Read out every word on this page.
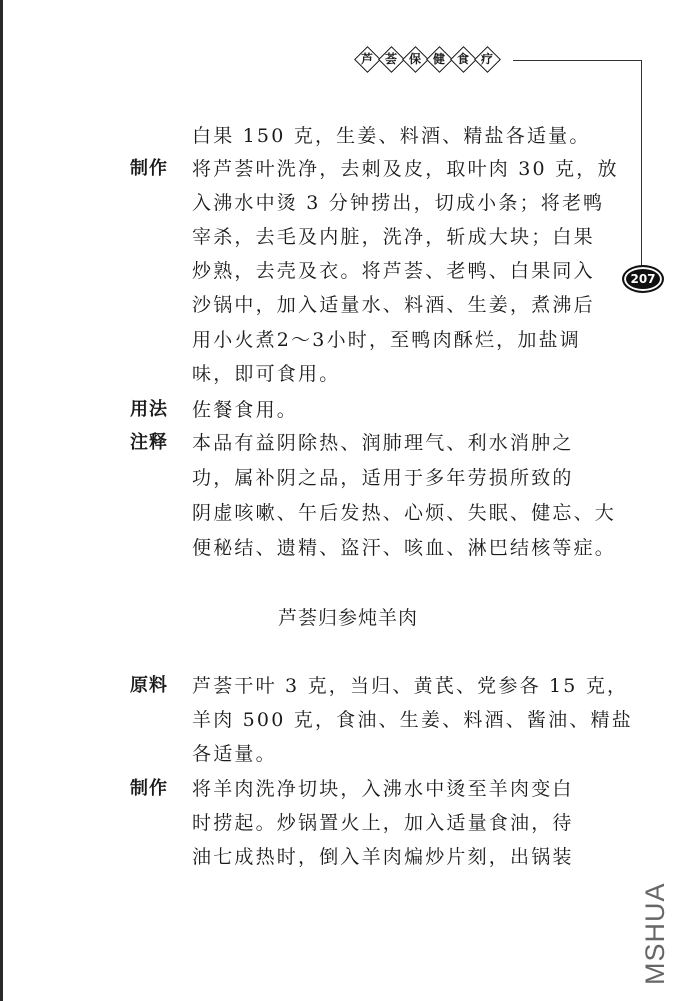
芦 荟 保 健 食 疗
207
白果 150 克，生姜、料酒、精盐各适量。
制作 将芦荟叶洗净，去刺及皮，取叶肉 30 克，放
入沸水中烫 3 分钟捞出，切成小条；将老鸭
宰杀，去毛及内脏，洗净，斩成大块；白果
炒熟，去壳及衣。将芦荟、老鸭、白果同入
沙锅中，加入适量水、料酒、生姜，煮沸后
用小火煮2～3小时，至鸭肉酥烂，加盐调
味，即可食用。
用法 佐餐食用。
注释 本品有益阴除热、润肺理气、利水消肿之
功，属补阴之品，适用于多年劳损所致的
阴虚咳嗽、午后发热、心烦、失眠、健忘、大
便秘结、遗精、盗汗、咳血、淋巴结核等症。
芦荟归参炖羊肉
原料 芦荟干叶 3 克，当归、黄芪、党参各 15 克，
羊肉 500 克，食油、生姜、料酒、酱油、精盐
各适量。
制作 将羊肉洗净切块，入沸水中烫至羊肉变白
时捞起。炒锅置火上，加入适量食油，待
油七成热时，倒入羊肉煸炒片刻，出锅装
MSHUA
